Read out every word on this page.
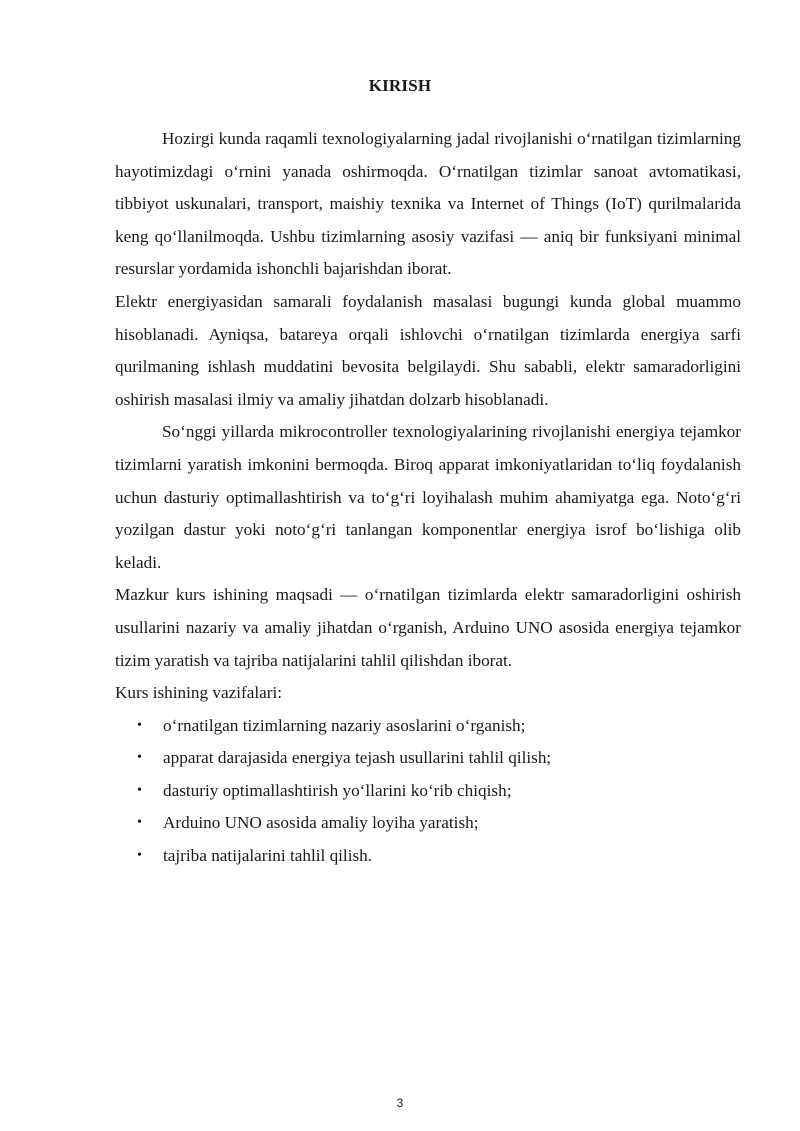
KIRISH

Hozirgi kunda raqamli texnologiyalarning jadal rivojlanishi o‘rnatilgan tizimlarning hayotimizdagi o‘rnini yanada oshirmoqda. O‘rnatilgan tizimlar sanoat avtomatikasi, tibbiyot uskunalari, transport, maishiy texnika va Internet of Things (IoT) qurilmalarida keng qo‘llanilmoqda. Ushbu tizimlarning asosiy vazifasi — aniq bir funksiyani minimal resurslar yordamida ishonchli bajarishdan iborat.

Elektr energiyasidan samarali foydalanish masalasi bugungi kunda global muammo hisoblanadi. Ayniqsa, batareya orqali ishlovchi o‘rnatilgan tizimlarda energiya sarfi qurilmaning ishlash muddatini bevosita belgilaydi. Shu sababli, elektr samaradorligini oshirish masalasi ilmiy va amaliy jihatdan dolzarb hisoblanadi.

So‘nggi yillarda mikrocontroller texnologiyalarining rivojlanishi energiya tejamkor tizimlarni yaratish imkonini bermoqda. Biroq apparat imkoniyatlaridan to‘liq foydalanish uchun dasturiy optimallashtirish va to‘g‘ri loyihalash muhim ahamiyatga ega. Noto‘g‘ri yozilgan dastur yoki noto‘g‘ri tanlangan komponentlar energiya isrof bo‘lishiga olib keladi.

Mazkur kurs ishining maqsadi — o‘rnatilgan tizimlarda elektr samaradorligini oshirish usullarini nazariy va amaliy jihatdan o‘rganish, Arduino UNO asosida energiya tejamkor tizim yaratish va tajriba natijalarini tahlil qilishdan iborat.

Kurs ishining vazifalari:

• o‘rnatilgan tizimlarning nazariy asoslarini o‘rganish;
• apparat darajasida energiya tejash usullarini tahlil qilish;
• dasturiy optimallashtirish yo‘llarini ko‘rib chiqish;
• Arduino UNO asosida amaliy loyiha yaratish;
• tajriba natijalarini tahlil qilish.
3
